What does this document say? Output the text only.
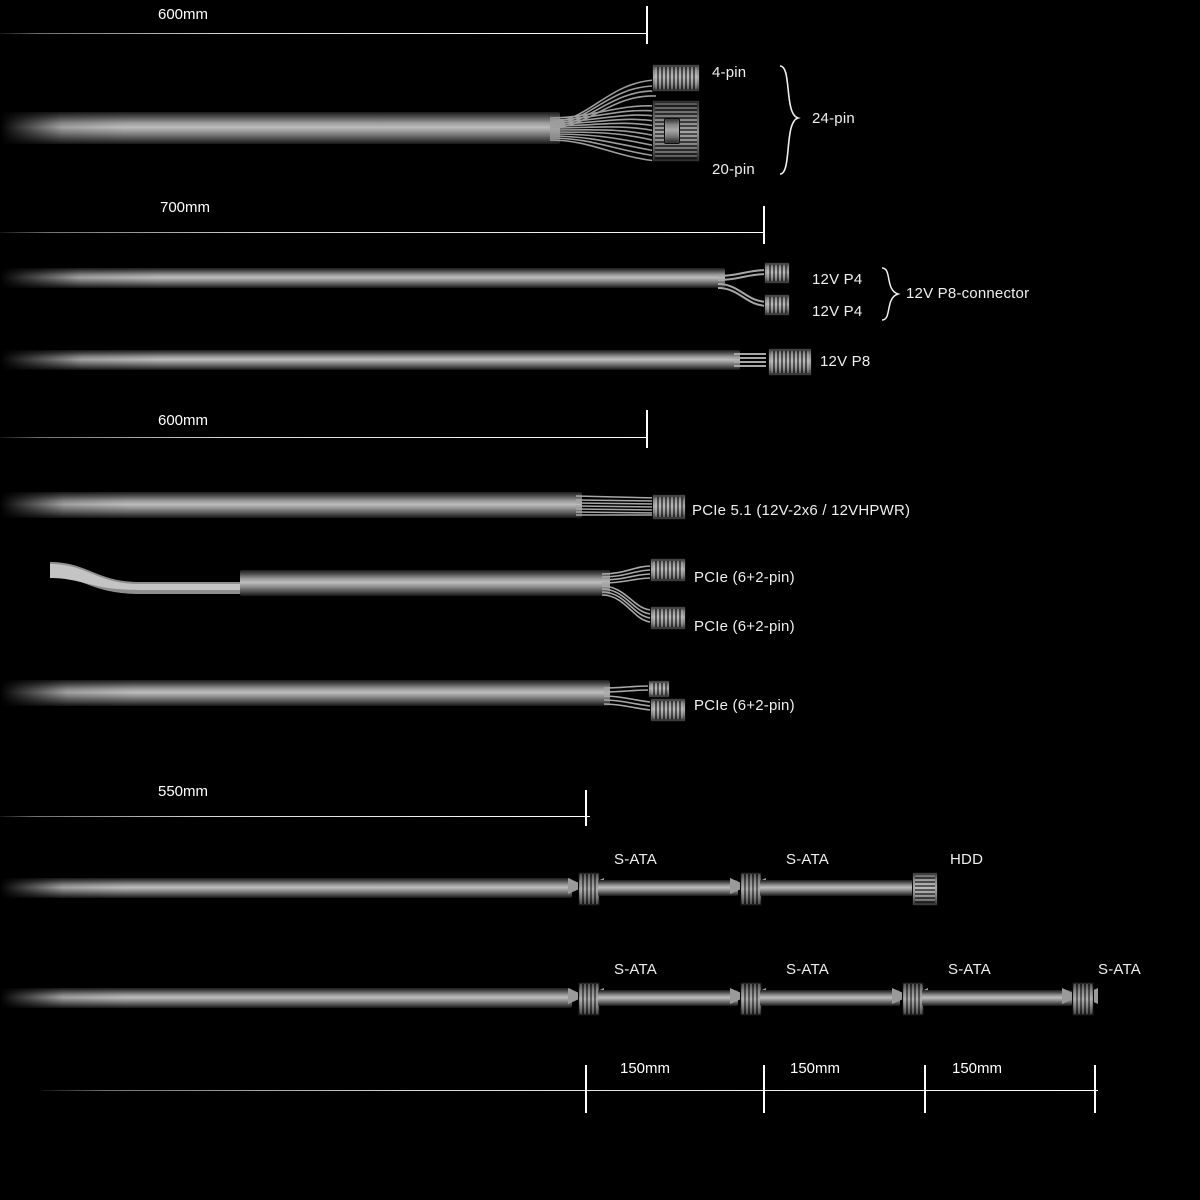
600mm
4-pin
20-pin
24-pin
700mm
12V P4
12V P4
12V P8-connector
12V P8
600mm
PCIe 5.1 (12V-2x6 / 12VHPWR)
PCIe (6+2-pin)
PCIe (6+2-pin)
PCIe (6+2-pin)
550mm
S-ATA	S-ATA	HDD
S-ATA	S-ATA	S-ATA	S-ATA
150mm	150mm	150mm
